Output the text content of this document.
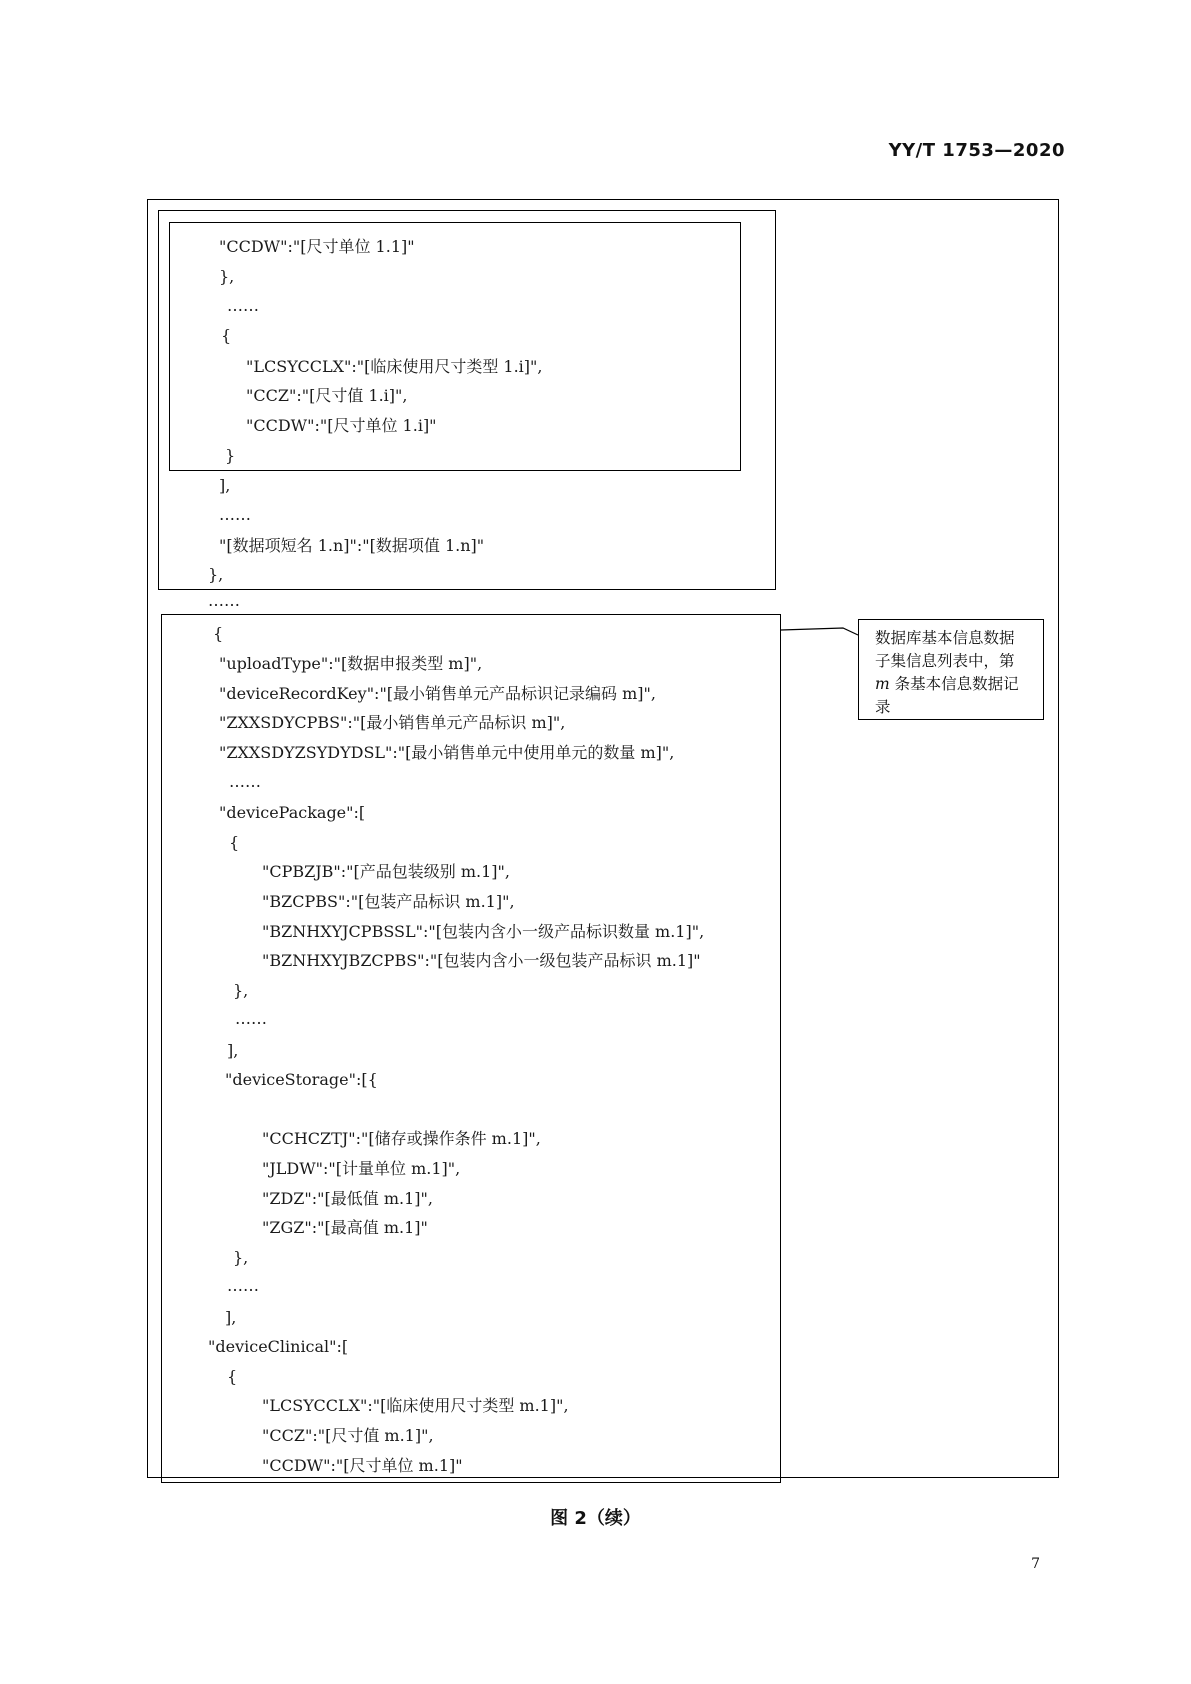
YY/T 1753—2020
"CCDW":"[尺寸单位 1.1]"
},
……
{
"LCSYCCLX":"[临床使用尺寸类型 1.i]",
"CCZ":"[尺寸值 1.i]",
"CCDW":"[尺寸单位 1.i]"
}
],
……
"[数据项短名 1.n]":"[数据项值 1.n]"
},
……
{
"uploadType":"[数据申报类型 m]",
"deviceRecordKey":"[最小销售单元产品标识记录编码 m]",
"ZXXSDYCPBS":"[最小销售单元产品标识 m]",
"ZXXSDYZSYDYDSL":"[最小销售单元中使用单元的数量 m]",
……
"devicePackage":[
{
"CPBZJB":"[产品包装级别 m.1]",
"BZCPBS":"[包装产品标识 m.1]",
"BZNHXYJCPBSSL":"[包装内含小一级产品标识数量 m.1]",
"BZNHXYJBZCPBS":"[包装内含小一级包装产品标识 m.1]"
},
……
],
"deviceStorage":[{
"CCHCZTJ":"[储存或操作条件 m.1]",
"JLDW":"[计量单位 m.1]",
"ZDZ":"[最低值 m.1]",
"ZGZ":"[最高值 m.1]"
},
……
],
"deviceClinical":[
{
"LCSYCCLX":"[临床使用尺寸类型 m.1]",
"CCZ":"[尺寸值 m.1]",
"CCDW":"[尺寸单位 m.1]"
数据库基本信息数据
子集信息列表中，第
m 条基本信息数据记
录
图 2（续）
7
